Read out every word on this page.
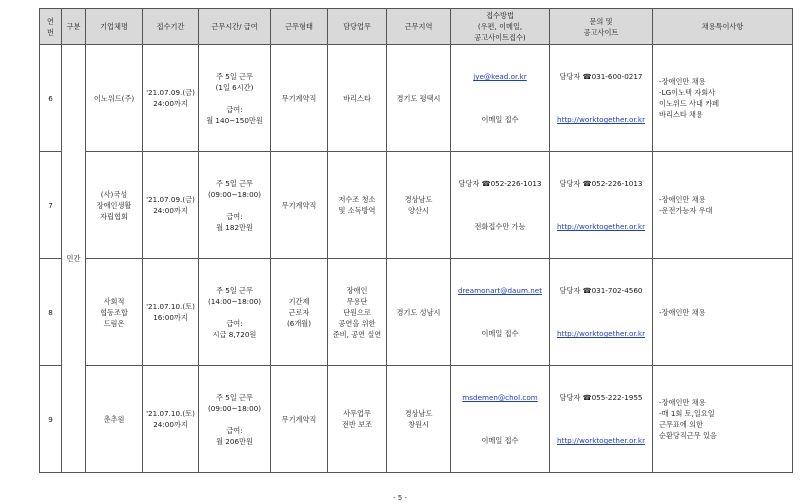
연
번	구분	기업체명	접수기간	근무시간/ 급여	근무형태	담당업무	근무지역	접수방법
(우편, 이메일,
공고사이트접수)	문의 및
공고사이트	채용특이사항
6	민간	이노위드(주)	'21.07.09.(금)
24:00까지	주 5일 근무
(1일 6시간)

급여:
월 140~150만원	무기계약직	바리스타	경기도 평택시	jye@kead.or.kr

이메일 접수	담당자 ☎031-600-0217

http://worktogether.or.kr	-장애인만 채용
-LG이노텍 자회사
이노위드 사내 카페
바리스타 채용
7		(사)국성
장애인생활
자립협회	'21.07.09.(금)
24:00까지	주 5일 근무
(09:00~18:00)

급여:
월 182만원	무기계약직	저수조 청소
및 소독방역	경상남도
양산시	담당자 ☎052-226-1013

전화접수만 가능	담당자 ☎052-226-1013

http://worktogether.or.kr	-장애인만 채용
-운전가능자 우대
8		사회적
협동조합
드림온	'21.07.10.(토)
16:00까지	주 5일 근무
(14:00~18:00)

급여:
시급 8,720원	기간제
근로자
(6개월)	장애인
무용단
단원으로
공연을 위한
준비, 공연 실연	경기도 성남시	dreamonart@daum.net

이메일 접수	담당자 ☎031-702-4560

http://worktogether.or.kr	-장애인만 채용
9		춘추원	'21.07.10.(토)
24:00까지	주 5일 근무
(09:00~18:00)

급여:
월 206만원	무기계약직	사무업무
전반 보조	경상남도
창원시	msdemen@chol.com

이메일 접수	담당자 ☎055-222-1955

http://worktogether.or.kr	-장애인만 채용
-매 1회 토,일요일
근무표에 의한
순환당직근무 있음
- 5 -
